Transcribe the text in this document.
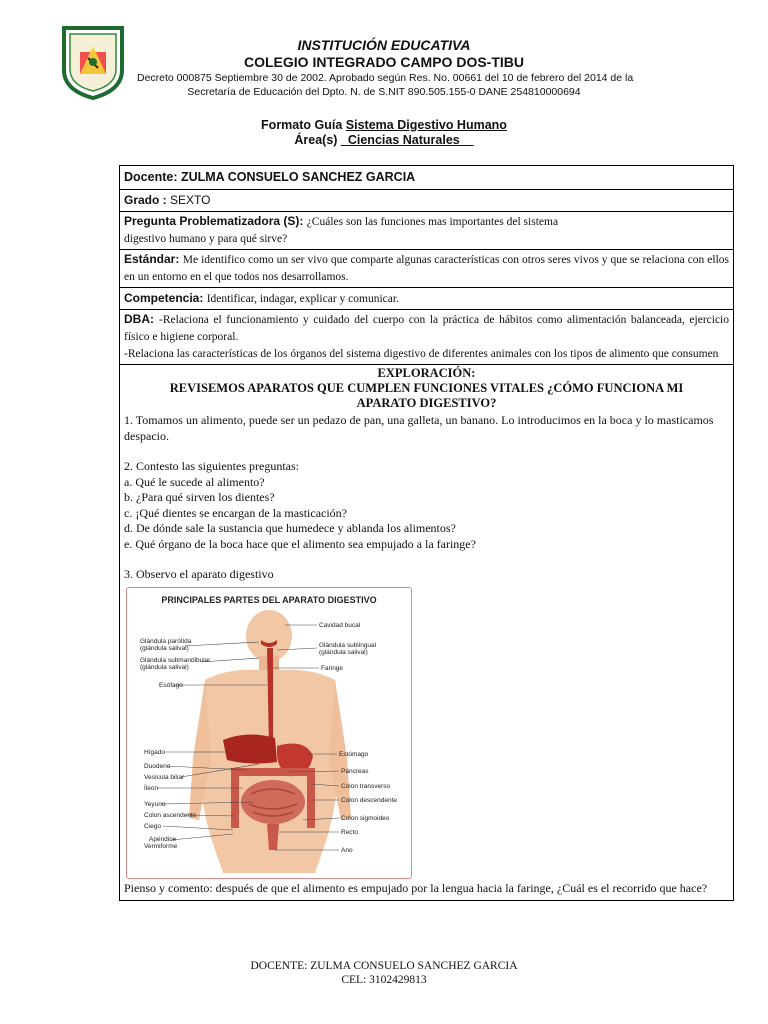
INSTITUCIÓN EDUCATIVA
COLEGIO INTEGRADO CAMPO DOS-TIBU
Decreto 000875 Septiembre 30 de 2002. Aprobado según Res. No. 00661 del 10 de febrero del 2014 de la
Secretaría de Educación del Dpto. N. de S.NIT 890.505.155-0 DANE 254810000694
Formato Guía Sistema Digestivo Humano
Área(s) _Ciencias Naturales__
Docente: ZULMA CONSUELO SANCHEZ GARCIA
Grado : SEXTO
Pregunta Problematizadora (S): ¿Cuáles son las funciones mas importantes del sistema
digestivo humano y para qué sirve?
Estándar: Me identifico como un ser vivo que comparte algunas características con otros seres vivos y que se relaciona con ellos en un entorno en el que todos nos desarrollamos.
Competencia: Identificar, indagar, explicar y comunicar.
DBA: -Relaciona el funcionamiento y cuidado del cuerpo con la práctica de hábitos como alimentación balanceada, ejercicio físico e higiene corporal.
-Relaciona las características de los órganos del sistema digestivo de diferentes animales con los tipos de alimento que consumen
EXPLORACIÓN:
REVISEMOS APARATOS QUE CUMPLEN FUNCIONES VITALES ¿CÓMO FUNCIONA MI APARATO DIGESTIVO?
1. Tomamos un alimento, puede ser un pedazo de pan, una galleta, un banano. Lo introducimos en la boca y lo masticamos despacio.
2. Contesto las siguientes preguntas:
a. Qué le sucede al alimento?
b. ¿Para qué sirven los dientes?
c. ¡Qué dientes se encargan de la masticación?
d. De dónde sale la sustancia que humedece y ablanda los alimentos?
e. Qué órgano de la boca hace que el alimento sea empujado a la faringe?
3. Observo el aparato digestivo
PRINCIPALES PARTES DEL APARATO DIGESTIVO
Glándula parótida
(glándula salival)
Glándula submandibular
(glándula salival)
Esófago
Hígado
Duodeno
Vesícula biliar
Íleon
Yeyuno
Colon ascendente
Ciego
Apéndice
Vermiforme
Cavidad bucal
Glándula sublingual
(glándula salival)
Faringe
Estómago
Páncreas
Colon transverso
Colon descendente
Colon sigmoideo
Recto
Ano
Pienso y comento: después de que el alimento es empujado por la lengua hacia la faringe, ¿Cuál es el recorrido que hace?
DOCENTE: ZULMA CONSUELO SANCHEZ GARCIA
CEL: 3102429813
